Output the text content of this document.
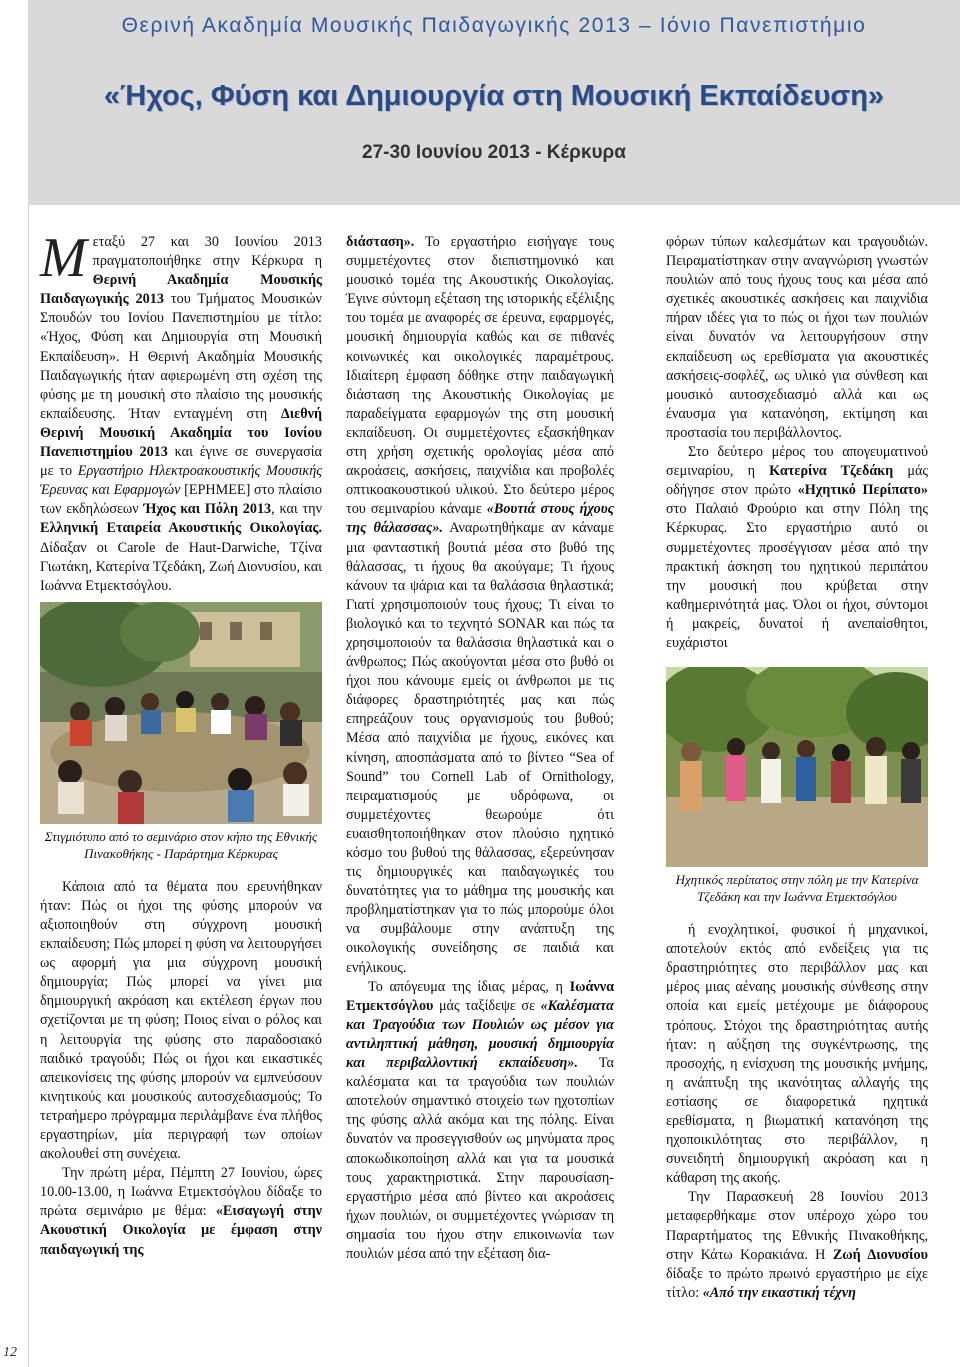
Θερινή Ακαδημία Μουσικής Παιδαγωγικής 2013 – Ιόνιο Πανεπιστήμιο
«Ήχος, Φύση και Δημιουργία στη Μουσική Εκπαίδευση»
27-30 Ιουνίου 2013 - Κέρκυρα
12

Μεταξύ 27 και 30 Ιουνίου 2013 πραγματοποιήθηκε στην Κέρκυρα η Θερινή Ακαδημία Μουσικής Παιδαγωγικής 2013 του Τμήματος Μουσικών Σπουδών του Ιονίου Πανεπιστημίου με τίτλο: «Ήχος, Φύση και Δημιουργία στη Μουσική Εκπαίδευση». Η Θερινή Ακαδημία Μουσικής Παιδαγωγικής ήταν αφιερωμένη στη σχέση της φύσης με τη μουσική στο πλαίσιο της μουσικής εκπαίδευσης. Ήταν ενταγμένη στη Διεθνή Θερινή Μουσική Ακαδημία του Ιονίου Πανεπιστημίου 2013 και έγινε σε συνεργασία με το Εργαστήριο Ηλεκτροακουστικής Μουσικής Έρευνας και Εφαρμογών [ΕΡΗΜΕΕ] στο πλαίσιο των εκδηλώσεων Ήχος και Πόλη 2013, και την Ελληνική Εταιρεία Ακουστικής Οικολογίας. Δίδαξαν οι Carole de Haut-Darwiche, Τζίνα Γιωτάκη, Κατερίνα Τζεδάκη, Ζωή Διονυσίου, και Ιωάννα Ετμεκτσόγλου.

Στιγμιότυπο από το σεμινάριο στον κήπο της Εθνικής Πινακοθήκης - Παράρτημα Κέρκυρας

Κάποια από τα θέματα που ερευνήθηκαν ήταν: Πώς οι ήχοι της φύσης μπορούν να αξιοποιηθούν στη σύγχρονη μουσική εκπαίδευση; Πώς μπορεί η φύση να λειτουργήσει ως αφορμή για μια σύγχρονη μουσική δημιουργία; Πώς μπορεί να γίνει μια δημιουργική ακρόαση και εκτέλεση έργων που σχετίζονται με τη φύση; Ποιος είναι ο ρόλος και η λειτουργία της φύσης στο παραδοσιακό παιδικό τραγούδι; Πώς οι ήχοι και εικαστικές απεικονίσεις της φύσης μπορούν να εμπνεύσουν κινητικούς και μουσικούς αυτοσχεδιασμούς; Το τετραήμερο πρόγραμμα περιλάμβανε ένα πλήθος εργαστηρίων, μία περιγραφή των οποίων ακολουθεί στη συνέχεια.

Την πρώτη μέρα, Πέμπτη 27 Ιουνίου, ώρες 10.00-13.00, η Ιωάννα Ετμεκτσόγλου δίδαξε το πρώτα σεμινάριο με θέμα: «Εισαγωγή στην Ακουστική Οικολογία με έμφαση στην παιδαγωγική της

διάσταση». Το εργαστήριο εισήγαγε τους συμμετέχοντες στον διεπιστημονικό και μουσικό τομέα της Ακουστικής Οικολογίας. Έγινε σύντομη εξέταση της ιστορικής εξέλιξης του τομέα με αναφορές σε έρευνα, εφαρμογές, μουσική δημιουργία καθώς και σε πιθανές κοινωνικές και οικολογικές παραμέτρους. Ιδιαίτερη έμφαση δόθηκε στην παιδαγωγική διάσταση της Ακουστικής Οικολογίας με παραδείγματα εφαρμογών της στη μουσική εκπαίδευση. Οι συμμετέχοντες εξασκήθηκαν στη χρήση σχετικής ορολογίας μέσα από ακροάσεις, ασκήσεις, παιχνίδια και προβολές οπτικοακουστικού υλικού. Στο δεύτερο μέρος του σεμιναρίου κάναμε «Βουτιά στους ήχους της θάλασσας». Αναρωτηθήκαμε αν κάναμε μια φανταστική βουτιά μέσα στο βυθό της θάλασσας, τι ήχους θα ακούγαμε; Τι ήχους κάνουν τα ψάρια και τα θαλάσσια θηλαστικά; Γιατί χρησιμοποιούν τους ήχους; Τι είναι το βιολογικό και το τεχνητό SONAR και πώς τα χρησιμοποιούν τα θαλάσσια θηλαστικά και ο άνθρωπος; Πώς ακούγονται μέσα στο βυθό οι ήχοι που κάνουμε εμείς οι άνθρωποι με τις διάφορες δραστηριότητές μας και πώς επηρεάζουν τους οργανισμούς του βυθού; Μέσα από παιχνίδια με ήχους, εικόνες και κίνηση, αποσπάσματα από το βίντεο “Sea of Sound” του Cornell Lab of Ornithology, πειραματισμούς με υδρόφωνα, οι συμμετέχοντες θεωρούμε ότι ευαισθητοποιήθηκαν στον πλούσιο ηχητικό κόσμο του βυθού της θάλασσας, εξερεύνησαν τις δημιουργικές και παιδαγωγικές του δυνατότητες για το μάθημα της μουσικής και προβληματίστηκαν για το πώς μπορούμε όλοι να συμβάλουμε στην ανάπτυξη της οικολογικής συνείδησης σε παιδιά και ενήλικους.

Το απόγευμα της ίδιας μέρας, η Ιωάννα Ετμεκτσόγλου μάς ταξίδεψε σε «Καλέσματα και Τραγούδια των Πουλιών ως μέσον για αντιληπτική μάθηση, μουσική δημιουργία και περιβαλλοντική εκπαίδευση». Τα καλέσματα και τα τραγούδια των πουλιών αποτελούν σημαντικό στοιχείο των ηχοτοπίων της φύσης αλλά ακόμα και της πόλης. Είναι δυνατόν να προσεγγισθούν ως μηνύματα προς αποκωδικοποίηση αλλά και για τα μουσικά τους χαρακτηριστικά. Στην παρουσίαση-εργαστήριο μέσα από βίντεο και ακροάσεις ήχων πουλιών, οι συμμετέχοντες γνώρισαν τη σημασία του ήχου στην επικοινωνία των πουλιών μέσα από την εξέταση δια-

φόρων τύπων καλεσμάτων και τραγουδιών. Πειραματίστηκαν στην αναγνώριση γνωστών πουλιών από τους ήχους τους και μέσα από σχετικές ακουστικές ασκήσεις και παιχνίδια πήραν ιδέες για το πώς οι ήχοι των πουλιών είναι δυνατόν να λειτουργήσουν στην εκπαίδευση ως ερεθίσματα για ακουστικές ασκήσεις-σοφλέζ, ως υλικό για σύνθεση και μουσικό αυτοσχεδιασμό αλλά και ως έναυσμα για κατανόηση, εκτίμηση και προστασία του περιβάλλοντος.

Στο δεύτερο μέρος του απογευματινού σεμιναρίου, η Κατερίνα Τζεδάκη μάς οδήγησε στον πρώτο «Ηχητικό Περίπατο» στο Παλαιό Φρούριο και στην Πόλη της Κέρκυρας. Στο εργαστήριο αυτό οι συμμετέχοντες προσέγγισαν μέσα από την πρακτική άσκηση του ηχητικού περιπάτου την μουσική που κρύβεται στην καθημερινότητά μας. Όλοι οι ήχοι, σύντομοι ή μακρείς, δυνατοί ή ανεπαίσθητοι, ευχάριστοι

Ηχητικός περίπατος στην πόλη με την Κατερίνα Τζεδάκη και την Ιωάννα Ετμεκτσόγλου

ή ενοχλητικοί, φυσικοί ή μηχανικοί, αποτελούν εκτός από ενδείξεις για τις δραστηριότητες στο περιβάλλον μας και μέρος μιας αέναης μουσικής σύνθεσης στην οποία και εμείς μετέχουμε με διάφορους τρόπους. Στόχοι της δραστηριότητας αυτής ήταν: η αύξηση της συγκέντρωσης, της προσοχής, η ενίσχυση της μουσικής μνήμης, η ανάπτυξη της ικανότητας αλλαγής της εστίασης σε διαφορετικά ηχητικά ερεθίσματα, η βιωματική κατανόηση της ηχοποικιλότητας στο περιβάλλον, η συνειδητή δημιουργική ακρόαση και η κάθαρση της ακοής.

Την Παρασκευή 28 Ιουνίου 2013 μεταφερθήκαμε στον υπέροχο χώρο του Παραρτήματος της Εθνικής Πινακοθήκης, στην Κάτω Κορακιάνα. Η Ζωή Διονυσίου δίδαξε το πρώτο πρωινό εργαστήριο με είχε τίτλο: «Από την εικαστική τέχνη
